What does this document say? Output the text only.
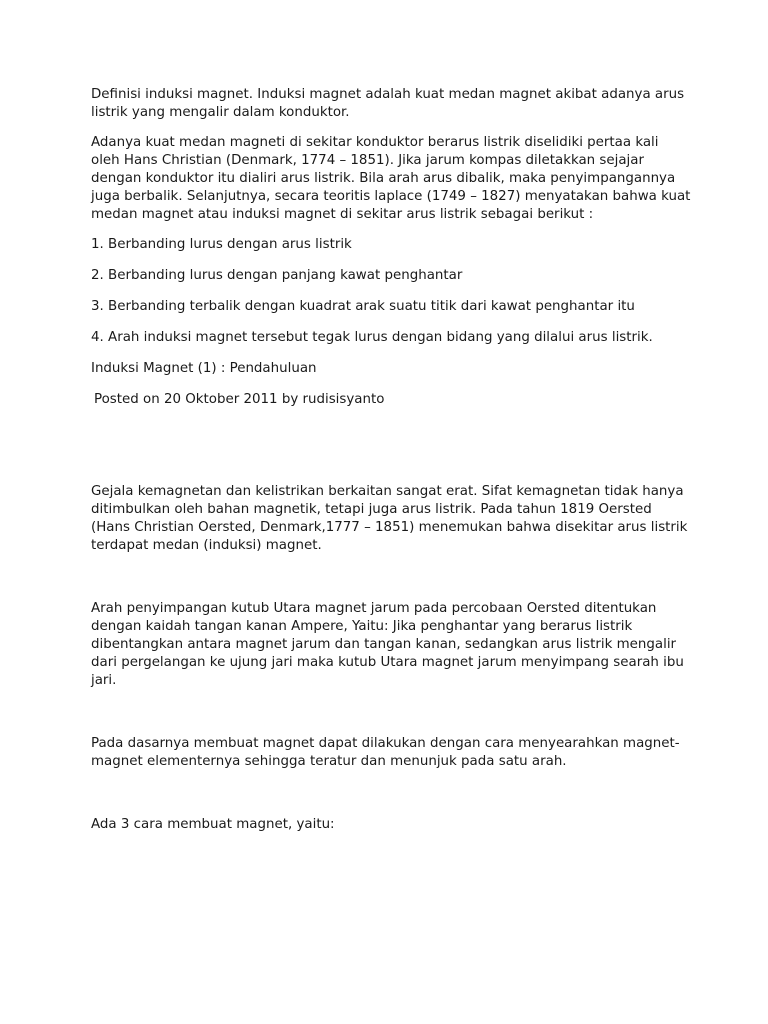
Definisi induksi magnet. Induksi magnet adalah kuat medan magnet akibat adanya arus listrik yang mengalir dalam konduktor.

Adanya kuat medan magneti di sekitar konduktor berarus listrik diselidiki pertaa kali oleh Hans Christian (Denmark, 1774 – 1851). Jika jarum kompas diletakkan sejajar dengan konduktor itu dialiri arus listrik. Bila arah arus dibalik, maka penyimpangannya juga berbalik. Selanjutnya, secara teoritis laplace (1749 – 1827) menyatakan bahwa kuat medan magnet atau induksi magnet di sekitar arus listrik sebagai berikut :

1. Berbanding lurus dengan arus listrik

2. Berbanding lurus dengan panjang kawat penghantar

3. Berbanding terbalik dengan kuadrat arak suatu titik dari kawat penghantar itu

4. Arah induksi magnet tersebut tegak lurus dengan bidang yang dilalui arus listrik.

Induksi Magnet (1) : Pendahuluan

Posted on 20 Oktober 2011 by rudisisyanto

Gejala kemagnetan dan kelistrikan berkaitan sangat erat. Sifat kemagnetan tidak hanya ditimbulkan oleh bahan magnetik, tetapi juga arus listrik. Pada tahun 1819 Oersted (Hans Christian Oersted, Denmark,1777 – 1851) menemukan bahwa disekitar arus listrik terdapat medan (induksi) magnet.

Arah penyimpangan kutub Utara magnet jarum pada percobaan Oersted ditentukan dengan kaidah tangan kanan Ampere, Yaitu: Jika penghantar yang berarus listrik dibentangkan antara magnet jarum dan tangan kanan, sedangkan arus listrik mengalir dari pergelangan ke ujung jari maka kutub Utara magnet jarum menyimpang searah ibu jari.

Pada dasarnya membuat magnet dapat dilakukan dengan cara menyearahkan magnet-magnet elementernya sehingga teratur dan menunjuk pada satu arah.

Ada 3 cara membuat magnet, yaitu:
